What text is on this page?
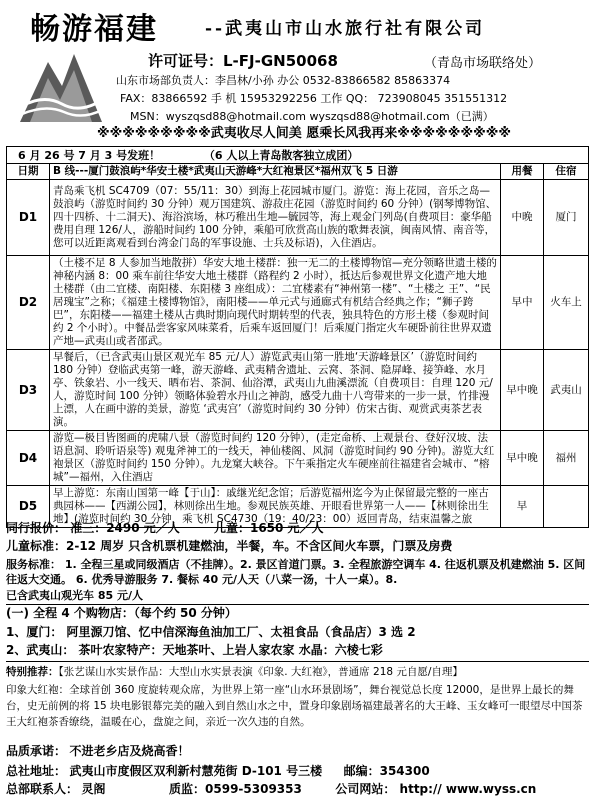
畅游福建	--武夷山市山水旅行社有限公司
许可证号：L-FJ-GN50068	（青岛市场联络处）
山东市场部负责人：李昌林/小孙 办公 0532-83866582 85863374
FAX：83866592 手 机 15953292256 工作 QQ： 723908045 351551312
MSN：wyszqsd88@hotmail.com wyszqsd88@hotmail.com（已满）
※※※※※※※※※武夷收尽人间美 愿乘长风我再来※※※※※※※※※
6 月 26 号 7 月 3 号发班！ （6 人以上青岛散客独立成团）			
日期	B 线---厦门鼓浪屿*华安土楼*武夷山天游峰*大红袍景区*福州双飞 5 日游	用餐	住宿
D1	青岛乘飞机 SC4709（07：55/11：30）到海上花园城市厦门。游览：海上花园，音乐之岛—鼓浪屿（游览时间约 30 分钟）观万国建筑、游菽庄花园（游览时间约 60 分钟）(钢琴博物馆、四十四桥、十二洞天)、海浴滨场，林巧稚出生地—毓园等，海上观金门列岛(自费项目：豪华船费用自理 126/人，游船时间约 100 分钟，乘船可欣赏高山族的歌舞表演，闽南风情、南音等，您可以近距离观看到台湾金门岛的军事设施、士兵及标语)，入住酒店。	中晚	厦门
D2	（土楼不足 8 人参加当地散拼）华安大地土楼群：独一无二的土楼博物馆—充分领略世遗土楼的神秘内涵 8：00 乘车前往华安大地土楼群（路程约 2 小时），抵达后参观世界文化遗产地大地土楼群（由二宜楼、南阳楼、东阳楼 3 座组成）：二宜楼素有“神州第一楼”、“土楼之 王”、“民居瑰宝”之称；《福建土楼博物馆》，南阳楼——单元式与通廊式有机结合经典之作；“狮子跨巴”，东阳楼——福建土楼从古典时期向现代时期转型的代表，独具特色的方形土楼（参观时间约 2 个小时）。中餐品尝客家风味菜肴，后乘车返回厦门！后乘厦门指定火车硬卧前往世界双遗产地—武夷山或者邵武。	早中	火车上
D3	早餐后，（已含武夷山景区观光车 85 元/人）游览武夷山第一胜地‘天游峰景区’（游览时间约 180 分钟）登临武夷第一峰，游天游峰、武夷精舍遗址、云窝、茶洞、隐屏峰、接笋峰、水月亭、铁象岩、小一线天、晒布岩、茶洞、仙浴潭，武夷山九曲溪漂流（自费项目：自理 120 元/人，游览时间 100 分钟）领略体验碧水丹山之神韵，感受九曲十八弯带来的一步一景，竹排漫上漂，人在画中游的美景，游览 ‘武夷宫’（游览时间约 30 分钟）仿宋古街、观赏武夷茶艺表演。	早中晚	武夷山
D4	游览—极目皆图画的虎啸八景（游览时间约 120 分钟），(走定命桥、上观景台、登好汉坡、法语息洞、聆听语泉等) 观鬼斧神工的一线天，神仙楼阁、风洞（游览时间约 90 分钟)。游览大红袍景区（游览时间约 150 分钟）。九龙窠大峡谷。下午乘指定火车硬座前往福建省会城市、“榕城”—福州，入住酒店	早中晚	福州
D5	早上游览：东南山国第一峰【于山】：戚继光纪念馆；后游览福州迄今为止保留最完整的一座古典园林——【西湖公园】，林则徐出生地。参观民族英雄、开眼看世界第一人——【林则徐出生地】(游览时间约 30 分钟，乘飞机 SC4730（19：40/23：00）返回青岛，结束温馨之旅	早	
同行报价： 准三：2490 元／人	儿童：1650 元／人
儿童标准：2-12 周岁 只含机票机建燃油，半餐，车。不含区间火车票，门票及房费
服务标准： 1. 全程三星或同级酒店（不挂牌）。2. 景区首道门票。3. 全程旅游空调车 4. 往返机票及机建燃油 5. 区间往返大交通。 6. 优秀导游服务 7. 餐标 40 元/人天（八菜一汤，十人一桌）。8.
已含武夷山观光车 85 元/人
(一) 全程 4 个购物店：（每个约 50 分钟）
1、厦门： 阿里源刀馆、忆中信深海鱼油加工厂、太祖食品（食品店）3 选 2
2、武夷山： 茶叶农家特产：天地茶叶、上岩人家农家 水晶：六棱七彩
特别推荐：【张艺谋山水实景作品：大型山水实景表演《印象. 大红袍》，普通席 218 元自愿/自理】
印象大红袍：全球首创 360 度旋转观众席，为世界上第一座“山水环景剧场”，舞台视觉总长度 12000，是世界上最长的舞台，史无前例的将 15 块电影银幕完美的融入到自然山水之中，置身印象剧场福建最著名的大王峰、玉女峰可一眼望尽中国茶王大红袍茶香缭绕，温暖在心，盘旋之间，亲近一次久违的自然。
品质承诺： 不进老乡店及烧高香！
总社地址： 武夷山市度假区双利新村慧苑街 D-101 号三楼 邮编：354300
总部联系人： 灵阁	质监：0599-5309353	公司网站： http:// www.wyss.cn
